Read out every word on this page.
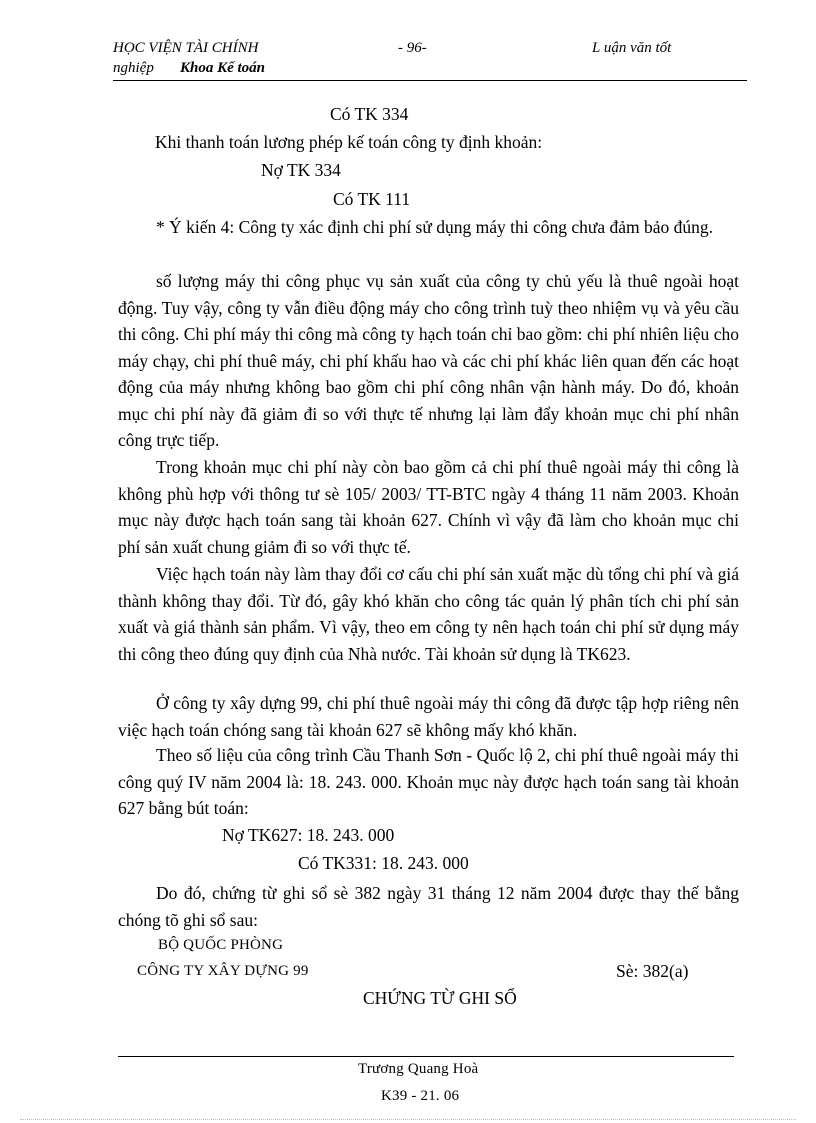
HỌC VIỆN TÀI CHÍNH	- 96-	L uận văn tốt
nghiệp Khoa Kế toán
Có TK 334
Khi thanh toán lương phép kế toán công ty định khoản:
Nợ TK 334
Có TK 111
* Ý kiến 4: Công ty xác định chi phí sử dụng máy thi công chưa đảm bảo đúng.
số lượng máy thi công phục vụ sản xuất của công ty chủ yếu là thuê ngoài hoạt động. Tuy vậy, công ty vẫn điều động máy cho công trình tuỳ theo nhiệm vụ và yêu cầu thi công. Chi phí máy thi công mà công ty hạch toán chỉ bao gồm: chi phí nhiên liệu cho máy chạy, chi phí thuê máy, chi phí khấu hao và các chi phí khác liên quan đến các hoạt động của máy nhưng không bao gồm chi phí công nhân vận hành máy. Do đó, khoản mục chi phí này đã giảm đi so với thực tế nhưng lại làm đẩy khoản mục chi phí nhân công trực tiếp.
Trong khoản mục chi phí này còn bao gồm cả chi phí thuê ngoài máy thi công là không phù hợp với thông tư sè 105/ 2003/ TT-BTC ngày 4 tháng 11 năm 2003. Khoản mục này được hạch toán sang tài khoản 627. Chính vì vậy đã làm cho khoản mục chi phí sản xuất chung giảm đi so với thực tế.
Việc hạch toán này làm thay đổi cơ cấu chi phí sản xuất mặc dù tổng chi phí và giá thành không thay đổi. Từ đó, gây khó khăn cho công tác quản lý phân tích chi phí sản xuất và giá thành sản phẩm. Vì vậy, theo em công ty nên hạch toán chi phí sử dụng máy thi công theo đúng quy định của Nhà nước. Tài khoản sử dụng là TK623.
Ở công ty xây dựng 99, chi phí thuê ngoài máy thi công đã được tập hợp riêng nên việc hạch toán chóng sang tài khoản 627 sẽ không mấy khó khăn.
Theo số liệu của công trình Cầu Thanh Sơn - Quốc lộ 2, chi phí thuê ngoài máy thi công quý IV năm 2004 là: 18. 243. 000. Khoản mục này được hạch toán sang tài khoản 627 bằng bút toán:
Nợ TK627: 18. 243. 000
Có TK331: 18. 243. 000
Do đó, chứng từ ghi sổ sè 382 ngày 31 tháng 12 năm 2004 được thay thế bằng chóng tõ ghi sổ sau:
BỘ QUỐC PHÒNG
CÔNG TY XÂY DỰNG 99	Sè: 382(a)
CHỨNG TỪ GHI SỔ
Trương Quang Hoà
K39 - 21. 06
